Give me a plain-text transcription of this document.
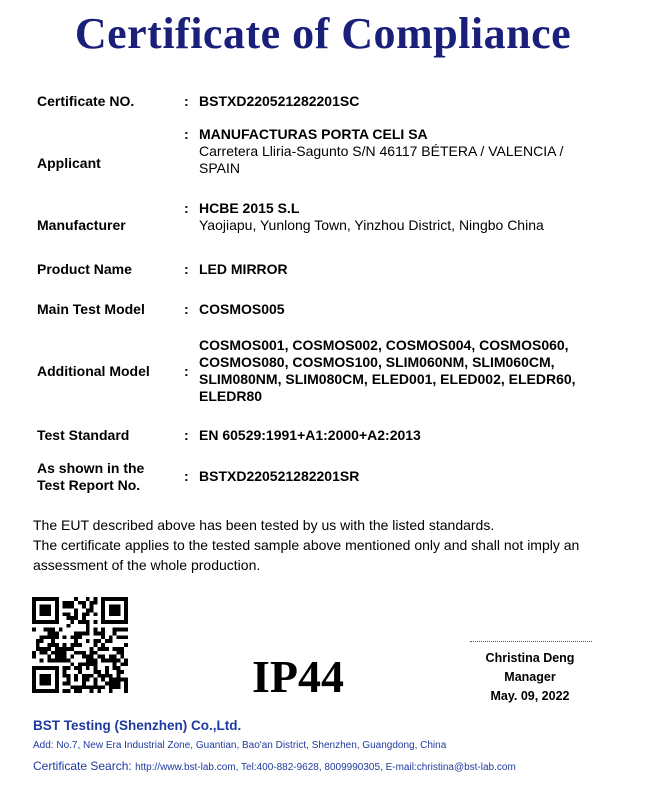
Certificate of Compliance
Certificate NO.	: BSTXD220521282201SC
Applicant
: MANUFACTURAS PORTA CELI SA
Carretera Lliria-Sagunto S/N 46117 BÉTERA / VALENCIA / SPAIN
Manufacturer
: HCBE 2015 S.L
Yaojiapu, Yunlong Town, Yinzhou District, Ningbo China
Product Name	: LED MIRROR
Main Test Model	: COSMOS005
Additional Model :
COSMOS001, COSMOS002, COSMOS004, COSMOS060, COSMOS080, COSMOS100, SLIM060NM, SLIM060CM, SLIM080NM, SLIM080CM, ELED001, ELED002, ELEDR60, ELEDR80
Test Standard	: EN 60529:1991+A1:2000+A2:2013
As shown in the
Test Report No.
: BSTXD220521282201SR
The EUT described above has been tested by us with the listed standards.
The certificate applies to the tested sample above mentioned only and shall not imply an assessment of the whole production.
IP44	Christina Deng
Manager
May. 09, 2022
BST Testing (Shenzhen) Co.,Ltd.
Add: No.7, New Era Industrial Zone, Guantian, Bao'an District, Shenzhen, Guangdong, China
Certificate Search: http://www.bst-lab.com, Tel:400-882-9628, 8009990305, E-mail:christina@bst-lab.com
